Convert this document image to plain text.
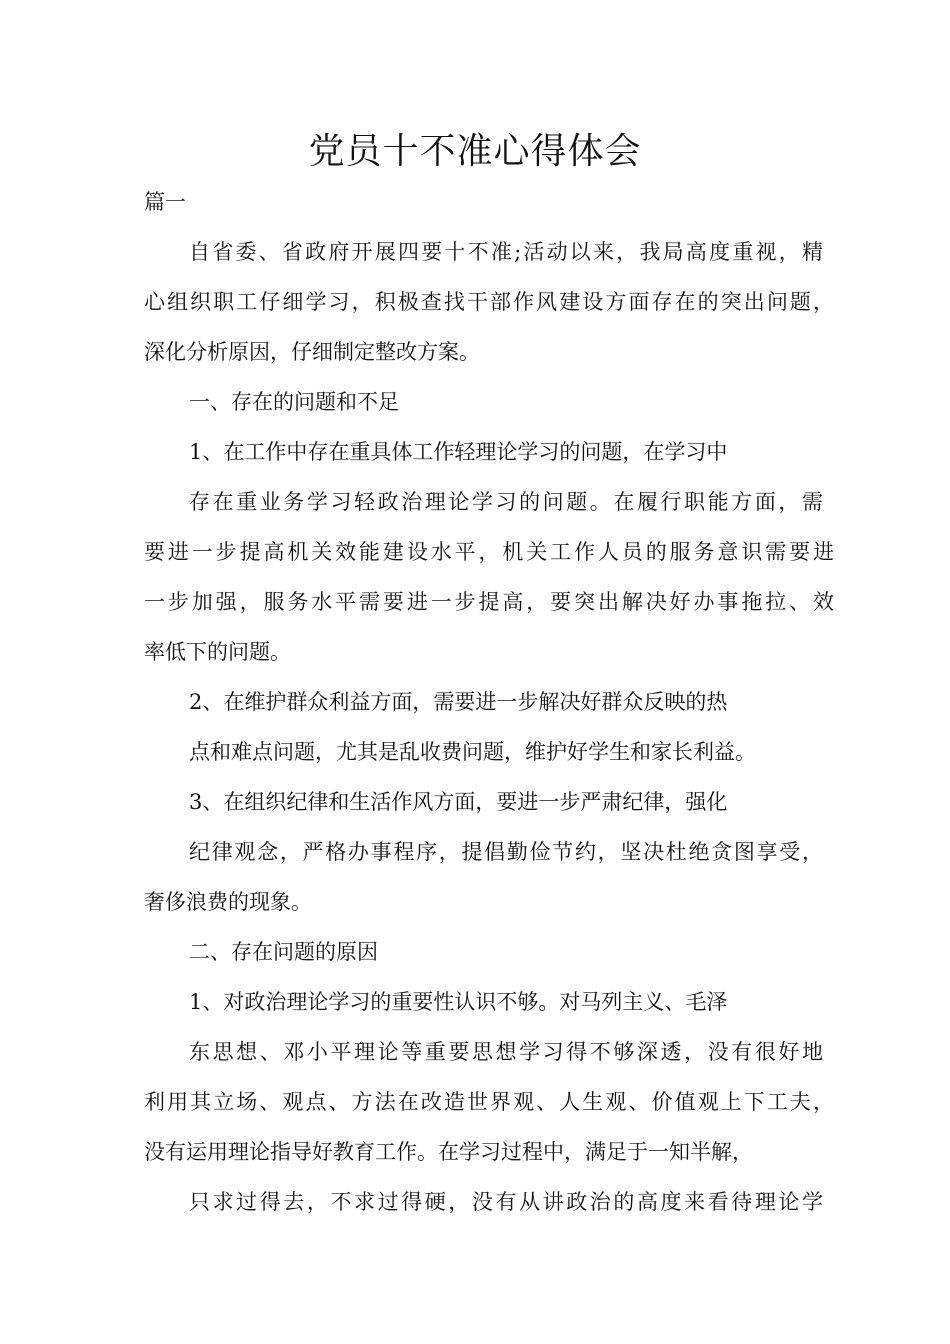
党员十不准心得体会

篇一

自省委、省政府开展四要十不准;活动以来，我局高度重视，精

心组织职工仔细学习，积极查找干部作风建设方面存在的突出问题，

深化分析原因，仔细制定整改方案。

一、存在的问题和不足

1、在工作中存在重具体工作轻理论学习的问题，在学习中

存在重业务学习轻政治理论学习的问题。在履行职能方面，需

要进一步提高机关效能建设水平，机关工作人员的服务意识需要进

一步加强，服务水平需要进一步提高，要突出解决好办事拖拉、效

率低下的问题。

2、在维护群众利益方面，需要进一步解决好群众反映的热

点和难点问题，尤其是乱收费问题，维护好学生和家长利益。

3、在组织纪律和生活作风方面，要进一步严肃纪律，强化

纪律观念，严格办事程序，提倡勤俭节约，坚决杜绝贪图享受，

奢侈浪费的现象。

二、存在问题的原因

1、对政治理论学习的重要性认识不够。对马列主义、毛泽

东思想、邓小平理论等重要思想学习得不够深透，没有很好地

利用其立场、观点、方法在改造世界观、人生观、价值观上下工夫，

没有运用理论指导好教育工作。在学习过程中，满足于一知半解，

只求过得去，不求过得硬，没有从讲政治的高度来看待理论学
